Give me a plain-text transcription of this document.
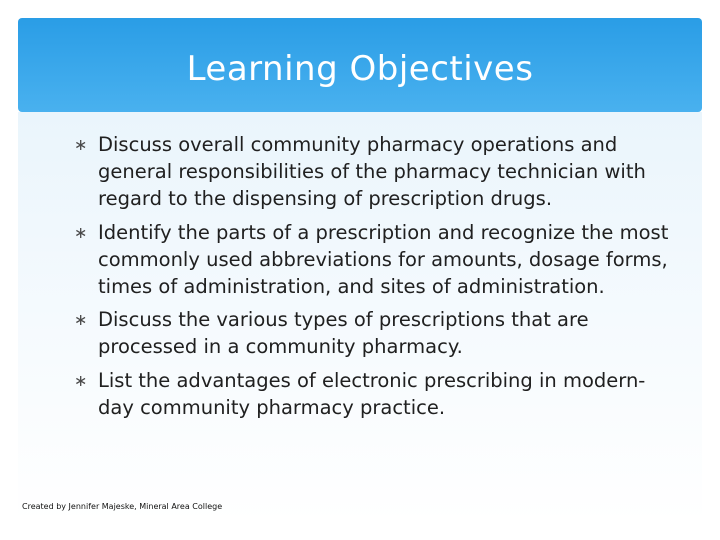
Learning Objectives
∗ Discuss overall community pharmacy operations and general responsibilities of the pharmacy technician with regard to the dispensing of prescription drugs.
∗ Identify the parts of a prescription and recognize the most commonly used abbreviations for amounts, dosage forms, times of administration, and sites of administration.
∗ Discuss the various types of prescriptions that are processed in a community pharmacy.
∗ List the advantages of electronic prescribing in modern-day community pharmacy practice.
Created by Jennifer Majeske, Mineral Area College
